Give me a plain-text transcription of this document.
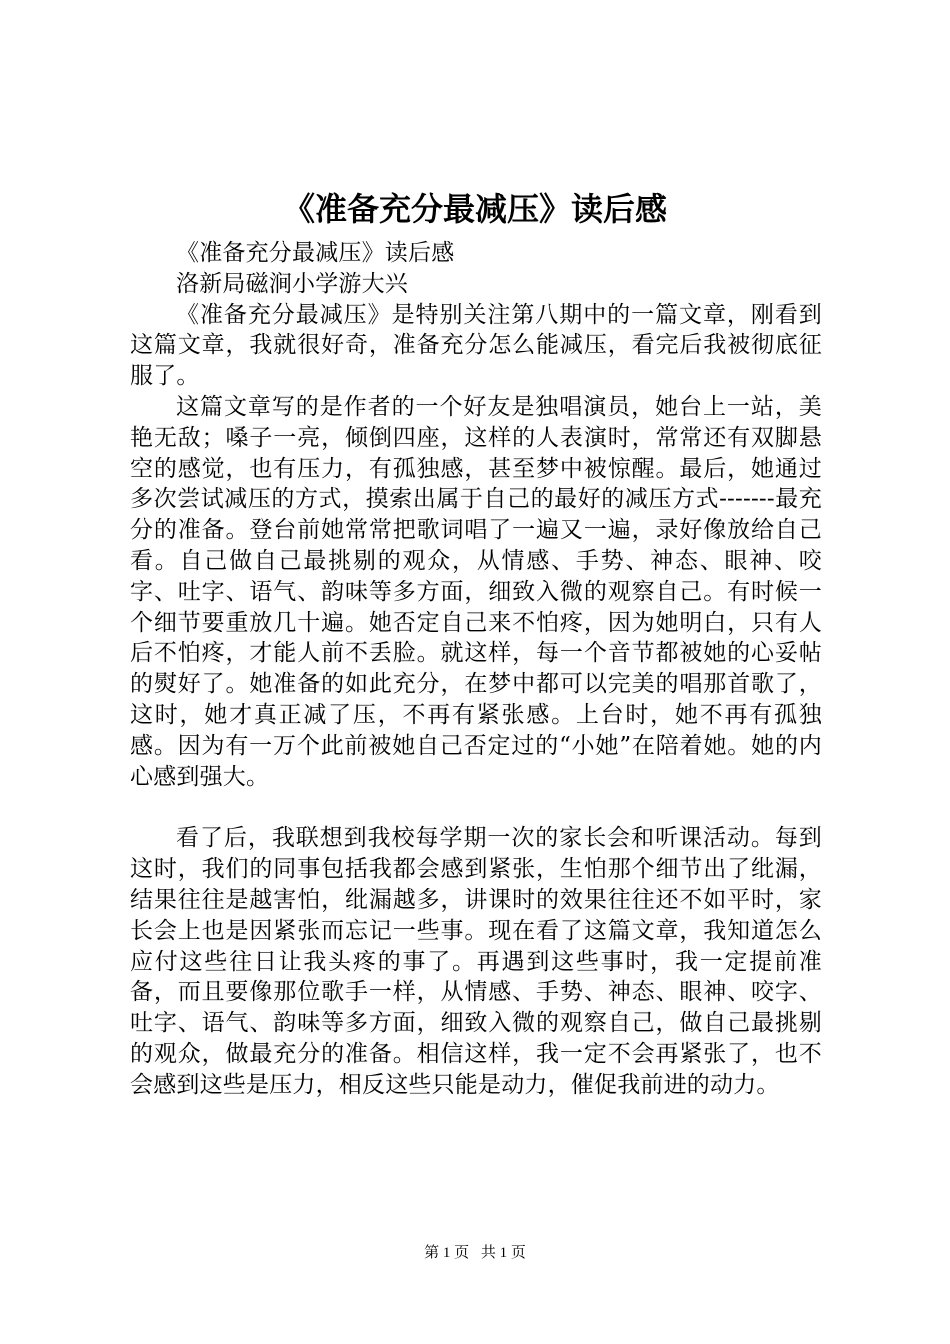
《准备充分最减压》读后感

《准备充分最减压》读后感

洛新局磁涧小学游大兴

《准备充分最减压》是特别关注第八期中的一篇文章，刚看到这篇文章，我就很好奇，准备充分怎么能减压，看完后我被彻底征服了。

这篇文章写的是作者的一个好友是独唱演员，她台上一站，美艳无敌；嗓子一亮，倾倒四座，这样的人表演时，常常还有双脚悬空的感觉，也有压力，有孤独感，甚至梦中被惊醒。最后，她通过多次尝试减压的方式，摸索出属于自己的最好的减压方式-------最充分的准备。登台前她常常把歌词唱了一遍又一遍，录好像放给自己看。自己做自己最挑剔的观众，从情感、手势、神态、眼神、咬字、吐字、语气、韵味等多方面，细致入微的观察自己。有时候一个细节要重放几十遍。她否定自己来不怕疼，因为她明白，只有人后不怕疼，才能人前不丢脸。就这样，每一个音节都被她的心妥帖的熨好了。她准备的如此充分，在梦中都可以完美的唱那首歌了，这时，她才真正减了压，不再有紧张感。上台时，她不再有孤独感。因为有一万个此前被她自己否定过的“小她”在陪着她。她的内心感到强大。

看了后，我联想到我校每学期一次的家长会和听课活动。每到这时，我们的同事包括我都会感到紧张，生怕那个细节出了纰漏，结果往往是越害怕，纰漏越多，讲课时的效果往往还不如平时，家长会上也是因紧张而忘记一些事。现在看了这篇文章，我知道怎么应付这些往日让我头疼的事了。再遇到这些事时，我一定提前准备，而且要像那位歌手一样，从情感、手势、神态、眼神、咬字、吐字、语气、韵味等多方面，细致入微的观察自己，做自己最挑剔的观众，做最充分的准备。相信这样，我一定不会再紧张了，也不会感到这些是压力，相反这些只能是动力，催促我前进的动力。

第 1 页 共 1 页
